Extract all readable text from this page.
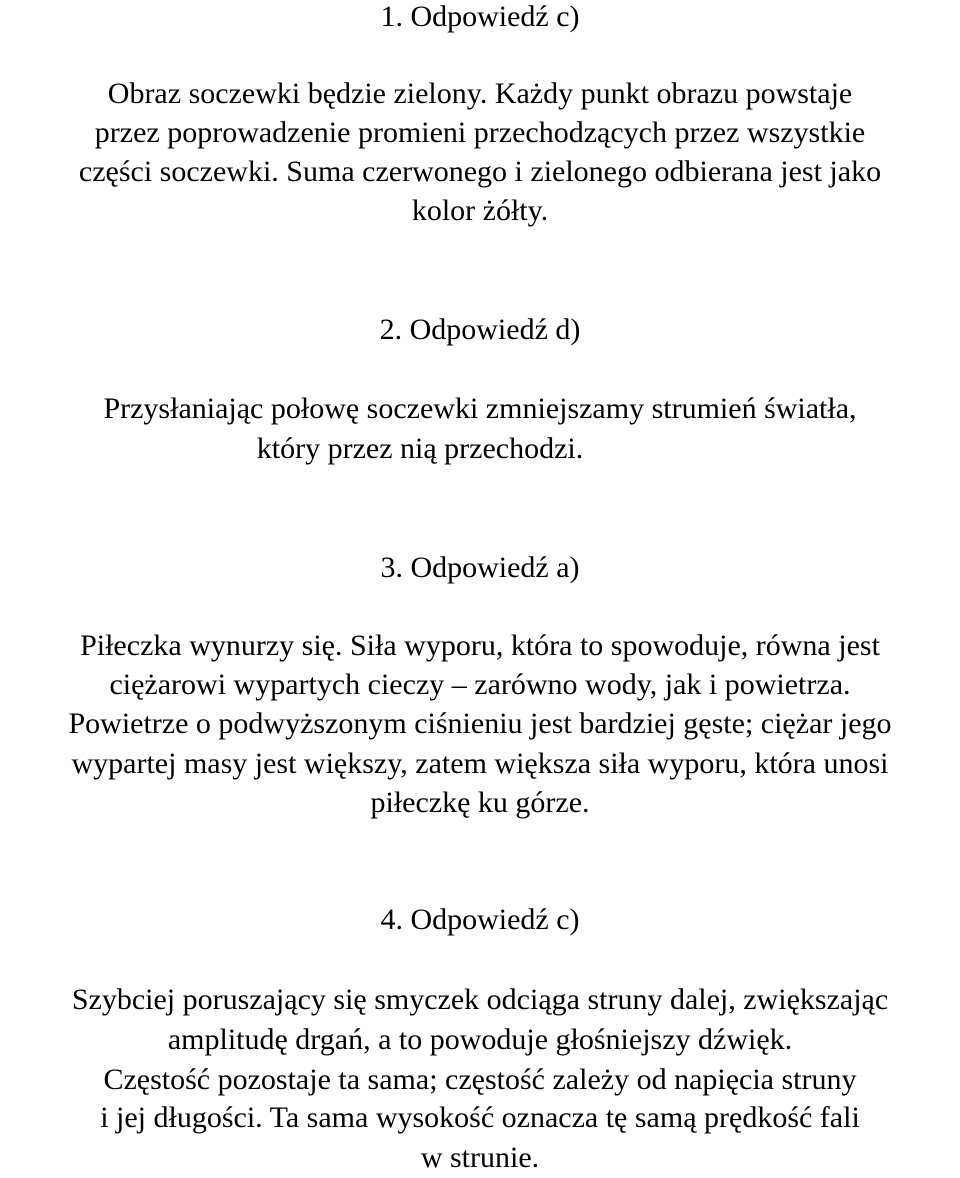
1. Odpowiedź c)
Obraz soczewki będzie zielony. Każdy punkt obrazu powstaje
przez poprowadzenie promieni przechodzących przez wszystkie
części soczewki. Suma czerwonego i zielonego odbierana jest jako
kolor żółty.
2. Odpowiedź d)
Przysłaniając połowę soczewki zmniejszamy strumień światła,
który przez nią przechodzi.
3. Odpowiedź a)
Piłeczka wynurzy się. Siła wyporu, która to spowoduje, równa jest
ciężarowi wypartych cieczy – zarówno wody, jak i powietrza.
Powietrze o podwyższonym ciśnieniu jest bardziej gęste; ciężar jego
wypartej masy jest większy, zatem większa siła wyporu, która unosi
piłeczkę ku górze.
4. Odpowiedź c)
Szybciej poruszający się smyczek odciąga struny dalej, zwiększając
amplitudę drgań, a to powoduje głośniejszy dźwięk.
Częstość pozostaje ta sama; częstość zależy od napięcia struny
i jej długości. Ta sama wysokość oznacza tę samą prędkość fali
w strunie.
